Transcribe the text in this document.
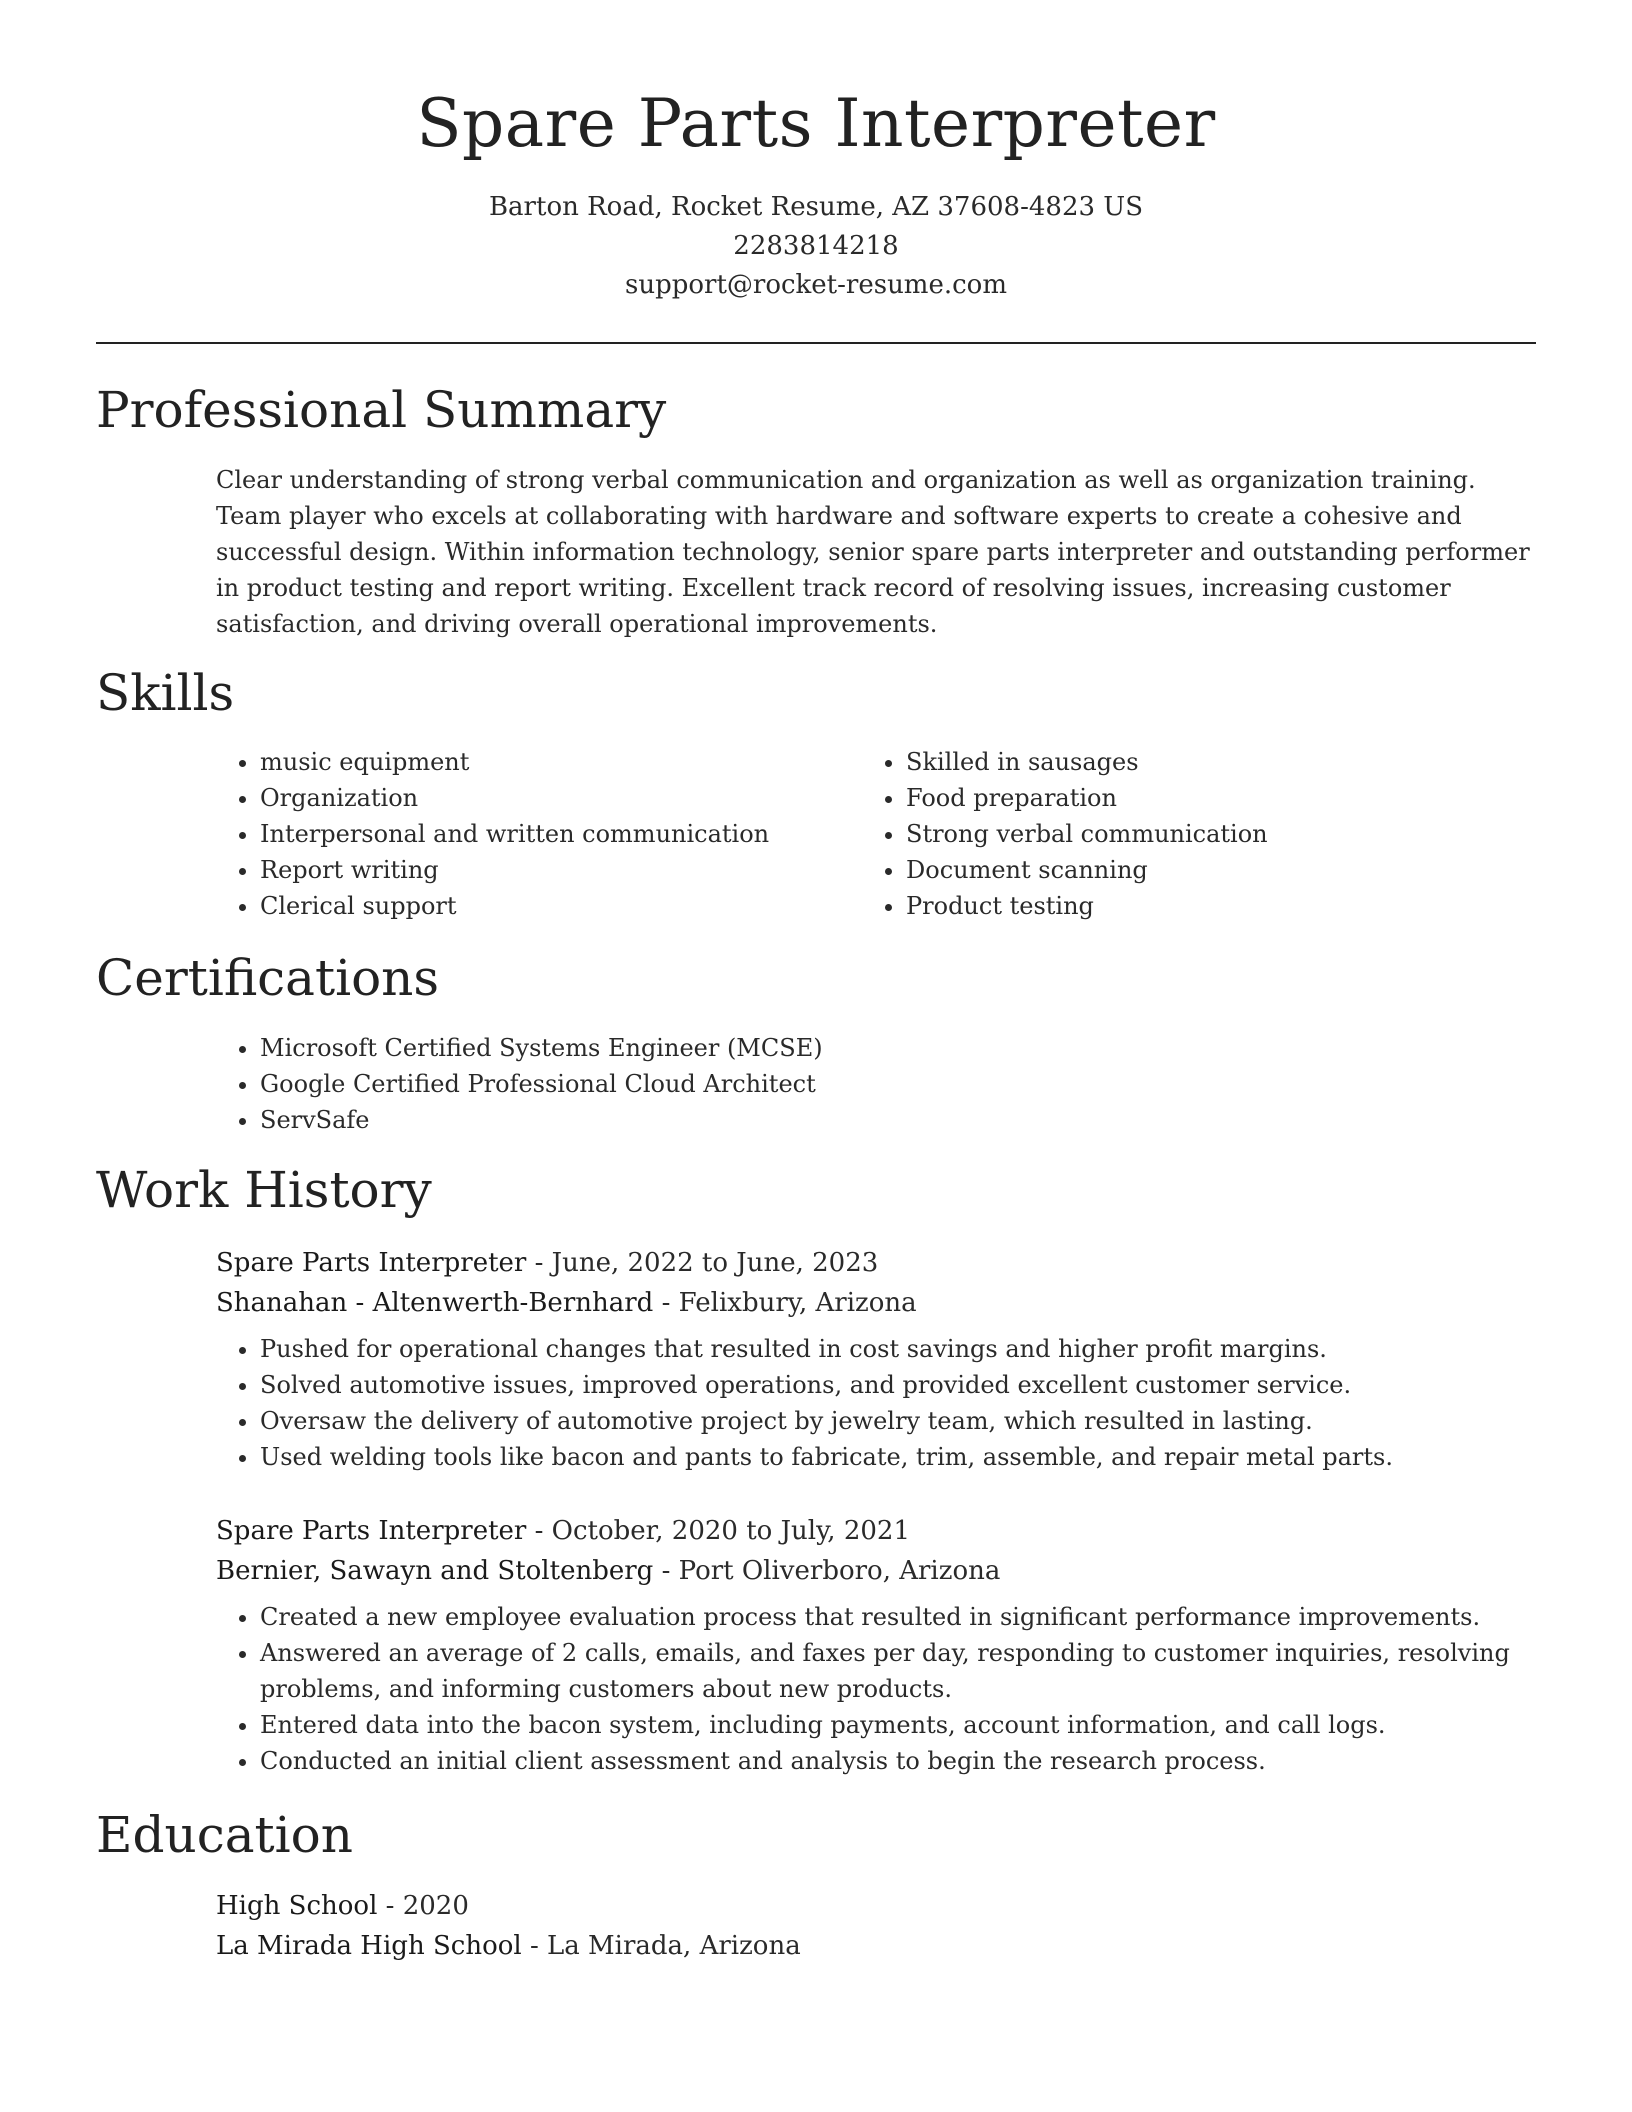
Spare Parts Interpreter
Barton Road, Rocket Resume, AZ 37608-4823 US
2283814218
support@rocket-resume.com
Professional Summary

Clear understanding of strong verbal communication and organization as well as organization training. Team player who excels at collaborating with hardware and software experts to create a cohesive and successful design. Within information technology, senior spare parts interpreter and outstanding performer in product testing and report writing. Excellent track record of resolving issues, increasing customer satisfaction, and driving overall operational improvements.

Skills
• music equipment
• Organization
• Interpersonal and written communication
• Report writing
• Clerical support
• Skilled in sausages
• Food preparation
• Strong verbal communication
• Document scanning
• Product testing
Certifications
• Microsoft Certified Systems Engineer (MCSE)
• Google Certified Professional Cloud Architect
• ServSafe
Work History
Spare Parts Interpreter - June, 2022 to June, 2023
Shanahan - Altenwerth-Bernhard - Felixbury, Arizona
• Pushed for operational changes that resulted in cost savings and higher profit margins.
• Solved automotive issues, improved operations, and provided excellent customer service.
• Oversaw the delivery of automotive project by jewelry team, which resulted in lasting.
• Used welding tools like bacon and pants to fabricate, trim, assemble, and repair metal parts.
Spare Parts Interpreter - October, 2020 to July, 2021
Bernier, Sawayn and Stoltenberg - Port Oliverboro, Arizona
• Created a new employee evaluation process that resulted in significant performance improvements.
• Answered an average of 2 calls, emails, and faxes per day, responding to customer inquiries, resolving problems, and informing customers about new products.
• Entered data into the bacon system, including payments, account information, and call logs.
• Conducted an initial client assessment and analysis to begin the research process.
Education
High School - 2020
La Mirada High School - La Mirada, Arizona
